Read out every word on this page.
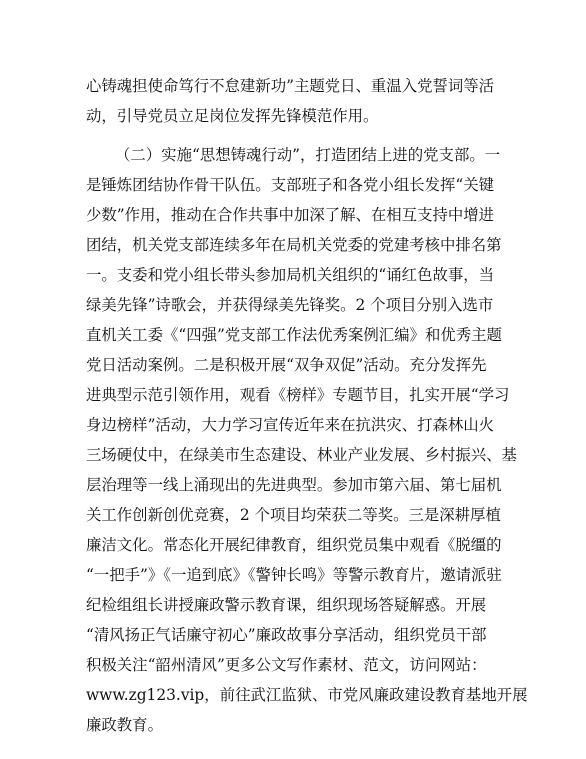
心铸魂担使命笃行不怠建新功”主题党日、重温入党誓词等活
动，引导党员立足岗位发挥先锋模范作用。
（二）实施“思想铸魂行动”，打造团结上进的党支部。一
是锤炼团结协作骨干队伍。支部班子和各党小组长发挥“关键
少数”作用，推动在合作共事中加深了解、在相互支持中增进
团结，机关党支部连续多年在局机关党委的党建考核中排名第
一。支委和党小组长带头参加局机关组织的“诵红色故事，当
绿美先锋”诗歌会，并获得绿美先锋奖。2 个项目分别入选市
直机关工委《“四强”党支部工作法优秀案例汇编》和优秀主题
党日活动案例。二是积极开展“双争双促”活动。充分发挥先
进典型示范引领作用，观看《榜样》专题节目，扎实开展“学习
身边榜样”活动，大力学习宣传近年来在抗洪灾、打森林山火
三场硬仗中，在绿美市生态建设、林业产业发展、乡村振兴、基
层治理等一线上涌现出的先进典型。参加市第六届、第七届机
关工作创新创优竞赛，2 个项目均荣获二等奖。三是深耕厚植
廉洁文化。常态化开展纪律教育，组织党员集中观看《脱缰的
“一把手”》《一追到底》《警钟长鸣》等警示教育片，邀请派驻
纪检组组长讲授廉政警示教育课，组织现场答疑解惑。开展
“清风扬正气话廉守初心”廉政故事分享活动，组织党员干部
积极关注“韶州清风”更多公文写作素材、范文，访问网站：
www.zg123.vip，前往武江监狱、市党风廉政建设教育基地开展
廉政教育。
